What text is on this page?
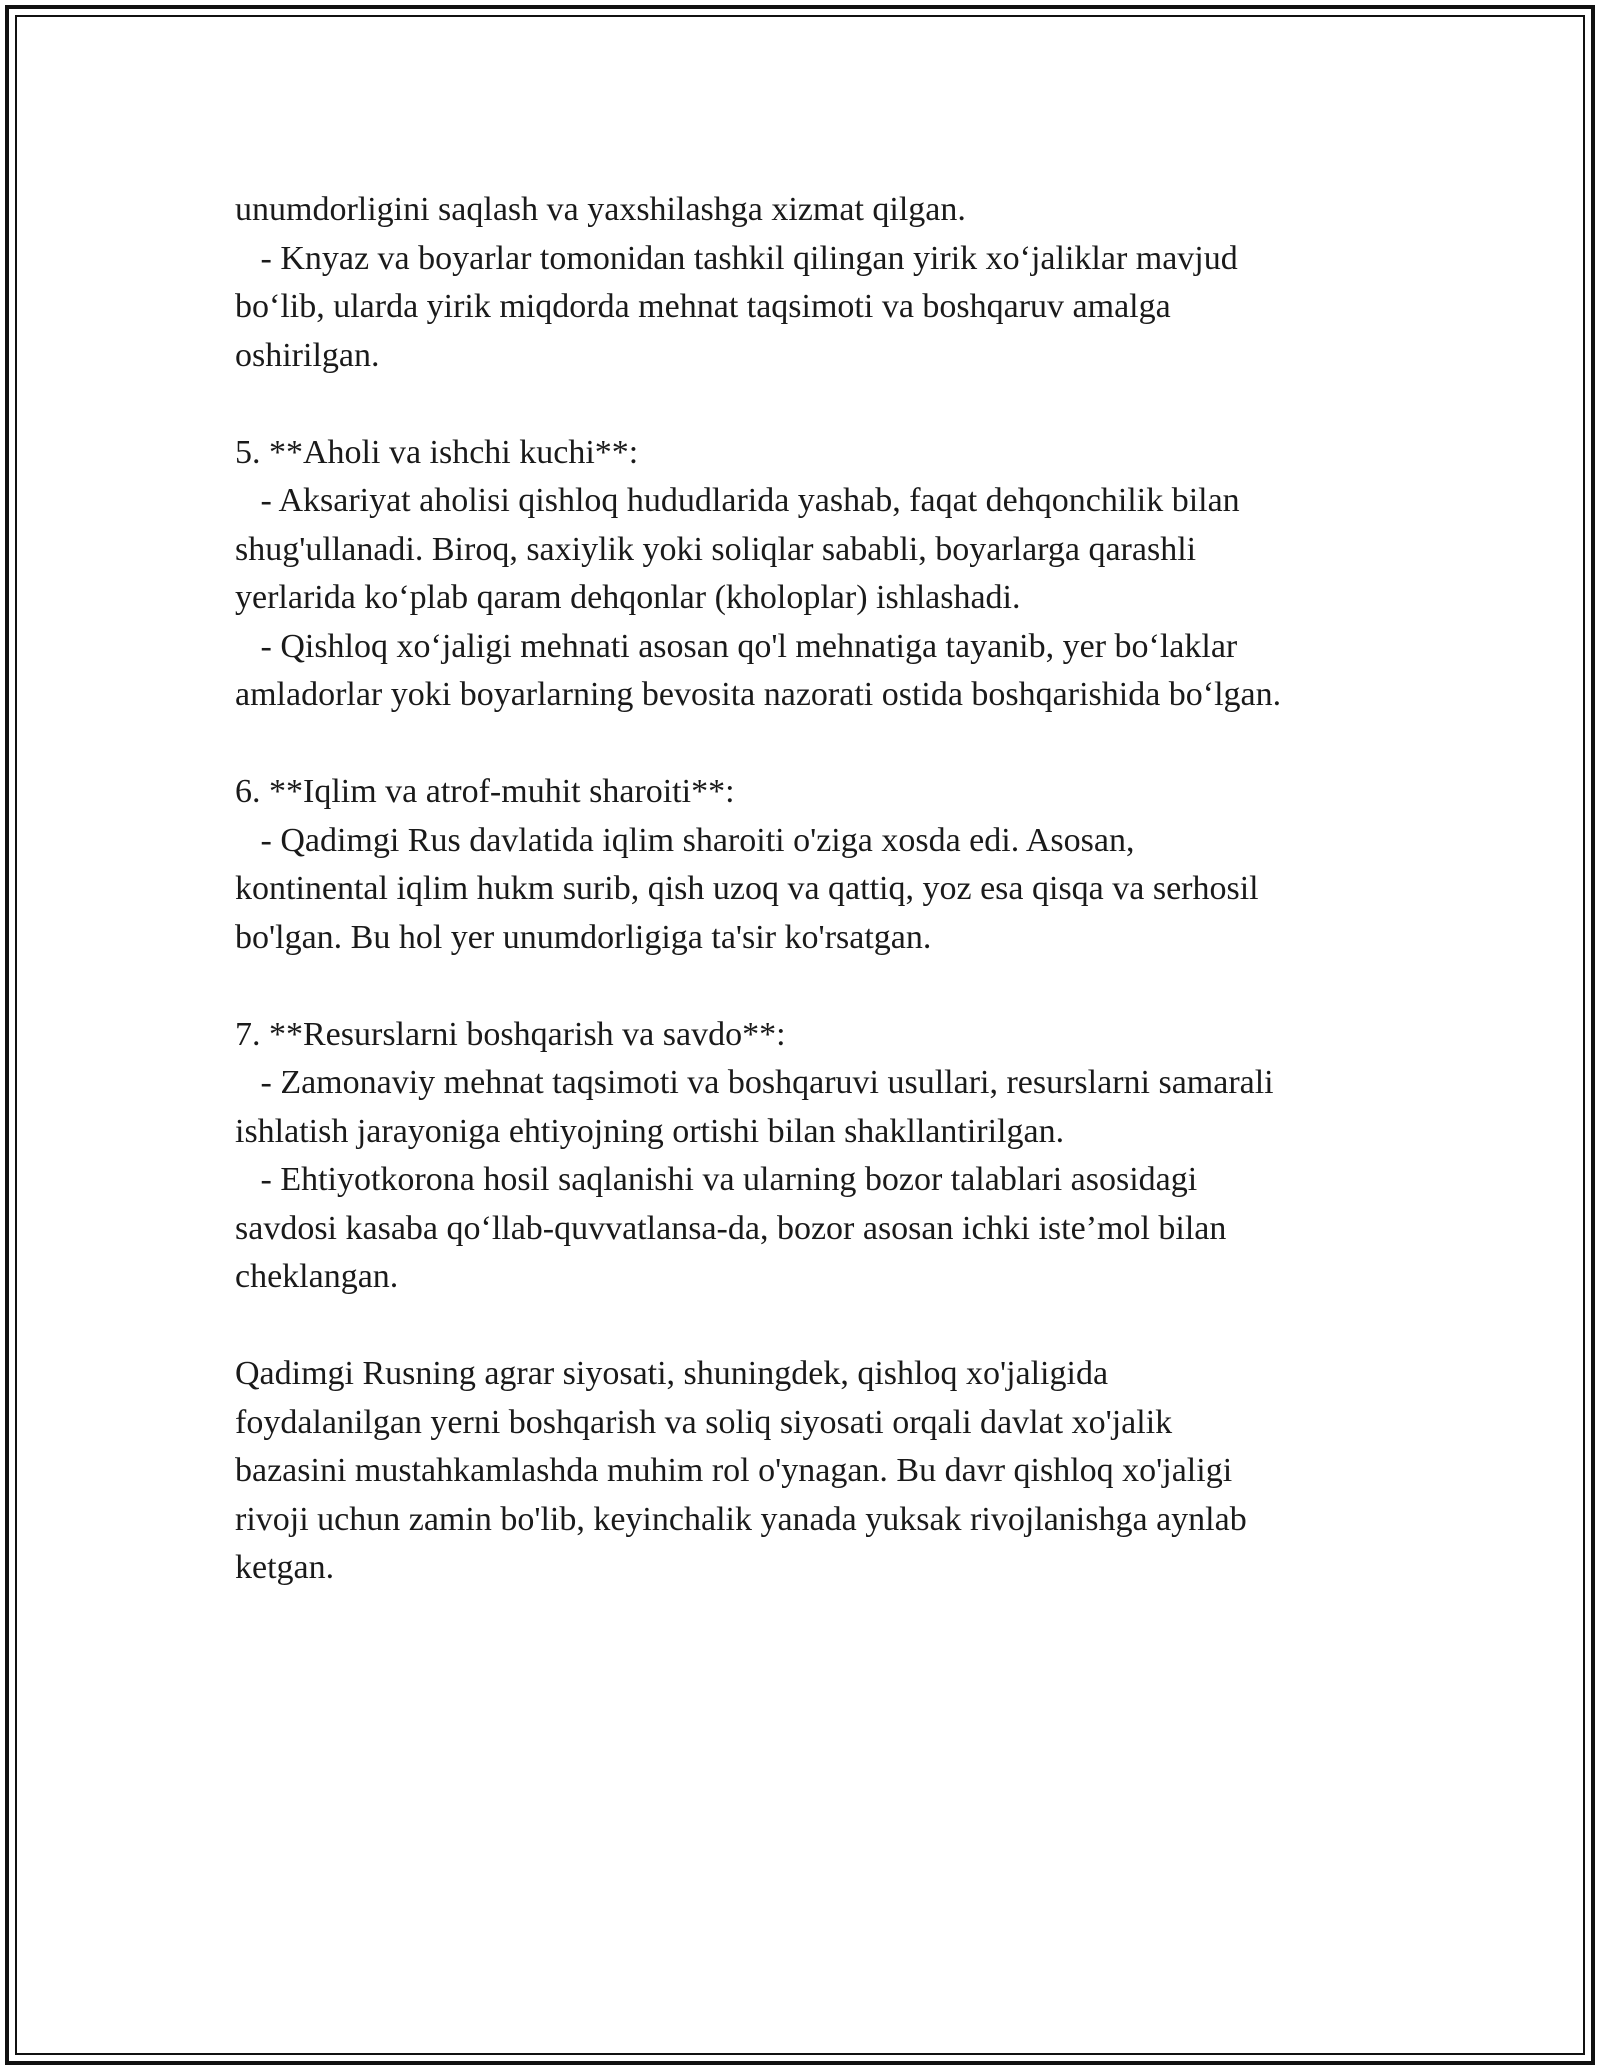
unumdorligini saqlash va yaxshilashga xizmat qilgan.
- Knyaz va boyarlar tomonidan tashkil qilingan yirik xo‘jaliklar mavjud
bo‘lib, ularda yirik miqdorda mehnat taqsimoti va boshqaruv amalga
oshirilgan.
5. **Aholi va ishchi kuchi**:
- Aksariyat aholisi qishloq hududlarida yashab, faqat dehqonchilik bilan
shug'ullanadi. Biroq, saxiylik yoki soliqlar sababli, boyarlarga qarashli
yerlarida ko‘plab qaram dehqonlar (kholoplar) ishlashadi.
- Qishloq xo‘jaligi mehnati asosan qo'l mehnatiga tayanib, yer bo‘laklar
amladorlar yoki boyarlarning bevosita nazorati ostida boshqarishida bo‘lgan.
6. **Iqlim va atrof-muhit sharoiti**:
- Qadimgi Rus davlatida iqlim sharoiti o'ziga xosda edi. Asosan,
kontinental iqlim hukm surib, qish uzoq va qattiq, yoz esa qisqa va serhosil
bo'lgan. Bu hol yer unumdorligiga ta'sir ko'rsatgan.
7. **Resurslarni boshqarish va savdo**:
- Zamonaviy mehnat taqsimoti va boshqaruvi usullari, resurslarni samarali
ishlatish jarayoniga ehtiyojning ortishi bilan shakllantirilgan.
- Ehtiyotkorona hosil saqlanishi va ularning bozor talablari asosidagi
savdosi kasaba qo‘llab-quvvatlansa-da, bozor asosan ichki iste’mol bilan
cheklangan.
Qadimgi Rusning agrar siyosati, shuningdek, qishloq xo'jaligida
foydalanilgan yerni boshqarish va soliq siyosati orqali davlat xo'jalik
bazasini mustahkamlashda muhim rol o'ynagan. Bu davr qishloq xo'jaligi
rivoji uchun zamin bo'lib, keyinchalik yanada yuksak rivojlanishga aynlab
ketgan.
